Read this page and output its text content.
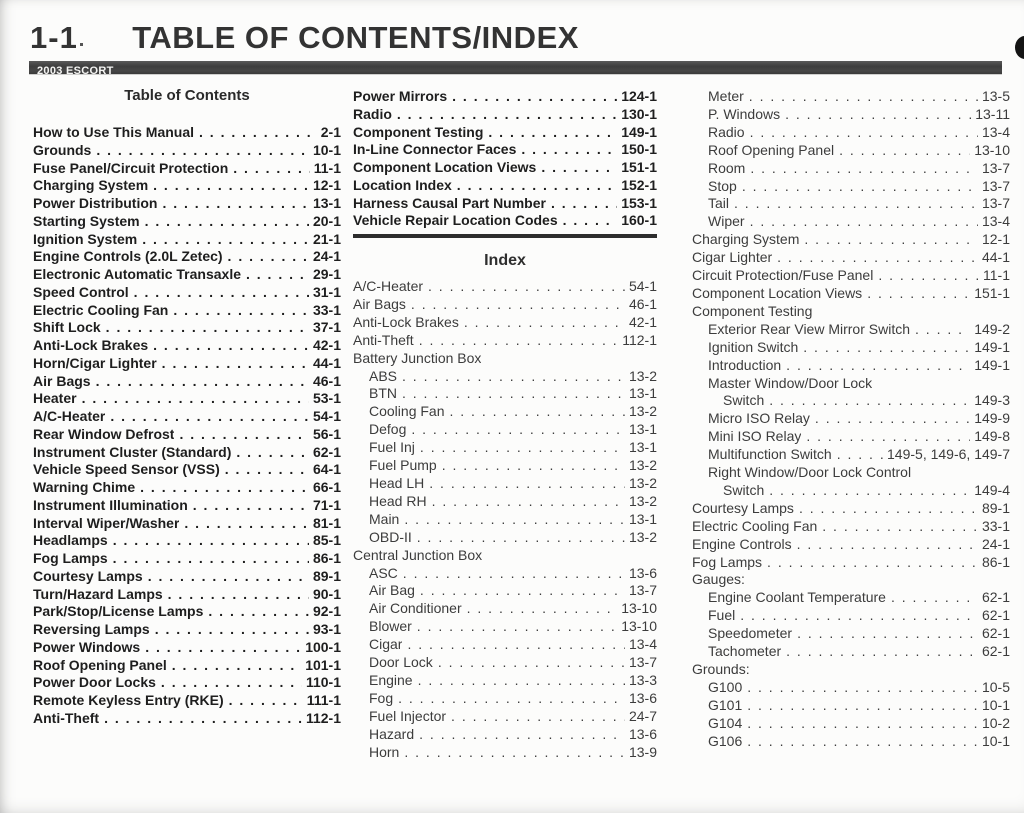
1-1 TABLE OF CONTENTS/INDEX
2003 ESCORT
Table of Contents
How to Use This Manual . . .	2-1
Grounds . . .	10-1
Fuse Panel/Circuit Protection . . .	11-1
Charging System . . .	12-1
Power Distribution . . .	13-1
Starting System . . .	20-1
Ignition System . . .	21-1
Engine Controls (2.0L Zetec) . . .	24-1
Electronic Automatic Transaxle . . .	29-1
Speed Control . . .	31-1
Electric Cooling Fan . . .	33-1
Shift Lock . . .	37-1
Anti-Lock Brakes . . .	42-1
Horn/Cigar Lighter . . .	44-1
Air Bags . . .	46-1
Heater . . .	53-1
A/C-Heater . . .	54-1
Rear Window Defrost . . .	56-1
Instrument Cluster (Standard) . . .	62-1
Vehicle Speed Sensor (VSS) . . .	64-1
Warning Chime . . .	66-1
Instrument Illumination . . .	71-1
Interval Wiper/Washer . . .	81-1
Headlamps . . .	85-1
Fog Lamps . . .	86-1
Courtesy Lamps . . .	89-1
Turn/Hazard Lamps . . .	90-1
Park/Stop/License Lamps . . .	92-1
Reversing Lamps . . .	93-1
Power Windows . . .	100-1
Roof Opening Panel . . .	101-1
Power Door Locks . . .	110-1
Remote Keyless Entry (RKE) . . .	111-1
Anti-Theft . . .	112-1
Power Mirrors . . .	124-1
Radio . . .	130-1
Component Testing . . .	149-1
In-Line Connector Faces . . .	150-1
Component Location Views . . .	151-1
Location Index . . .	152-1
Harness Causal Part Number . . .	153-1
Vehicle Repair Location Codes . . .	160-1
Index
A/C-Heater . . .	54-1
Air Bags . . .	46-1
Anti-Lock Brakes . . .	42-1
Anti-Theft . . .	112-1
Battery Junction Box
ABS . . .	13-2
BTN . . .	13-1
Cooling Fan . . .	13-2
Defog . . .	13-1
Fuel Inj . . .	13-1
Fuel Pump . . .	13-2
Head LH . . .	13-2
Head RH . . .	13-2
Main . . .	13-1
OBD-II . . .	13-2
Central Junction Box
ASC . . .	13-6
Air Bag . . .	13-7
Air Conditioner . . .	13-10
Blower . . .	13-10
Cigar . . .	13-4
Door Lock . . .	13-7
Engine . . .	13-3
Fog . . .	13-6
Fuel Injector . . .	24-7
Hazard . . .	13-6
Horn . . .	13-9
Meter . . .	13-5
P. Windows . . .	13-11
Radio . . .	13-4
Roof Opening Panel . . .	13-10
Room . . .	13-7
Stop . . .	13-7
Tail . . .	13-7
Wiper . . .	13-4
Charging System . . .	12-1
Cigar Lighter . . .	44-1
Circuit Protection/Fuse Panel . . .	11-1
Component Location Views . . .	151-1
Component Testing
Exterior Rear View Mirror Switch . . .	149-2
Ignition Switch . . .	149-1
Introduction . . .	149-1
Master Window/Door Lock
Switch . . .	149-3
Micro ISO Relay . . .	149-9
Mini ISO Relay . . .	149-8
Multifunction Switch . . .	149-5, 149-6, 149-7
Right Window/Door Lock Control
Switch . . .	149-4
Courtesy Lamps . . .	89-1
Electric Cooling Fan . . .	33-1
Engine Controls . . .	24-1
Fog Lamps . . .	86-1
Gauges:
Engine Coolant Temperature . . .	62-1
Fuel . . .	62-1
Speedometer . . .	62-1
Tachometer . . .	62-1
Grounds:
G100 . . .	10-5
G101 . . .	10-1
G104 . . .	10-2
G106 . . .	10-1
